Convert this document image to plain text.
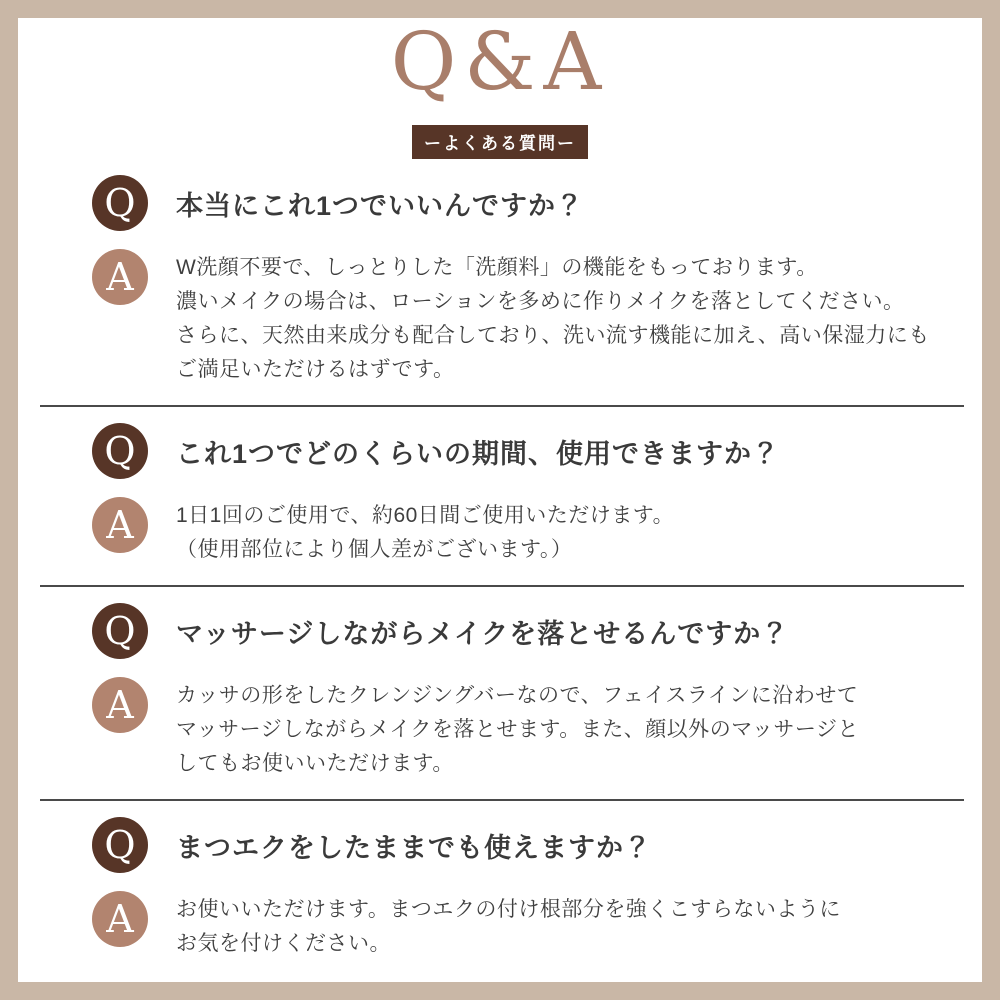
Q&A

ーよくある質問ー
Q 本当にこれ1つでいいんですか？
A W洗顔不要で、しっとりした「洗顔料」の機能をもっております。

濃いメイクの場合は、ローションを多めに作りメイクを落としてください。

さらに、天然由来成分も配合しており、洗い流す機能に加え、高い保湿力にも

ご満足いただけるはずです。

Q これ1つでどのくらいの期間、使用できますか？
A 1日1回のご使用で、約60日間ご使用いただけます。

（使用部位により個人差がございます。）

Q マッサージしながらメイクを落とせるんですか？
A カッサの形をしたクレンジングバーなので、フェイスラインに沿わせて

マッサージしながらメイクを落とせます。また、顔以外のマッサージと

してもお使いいただけます。

Q まつエクをしたままでも使えますか？
A お使いいただけます。まつエクの付け根部分を強くこすらないように

お気を付けください。
